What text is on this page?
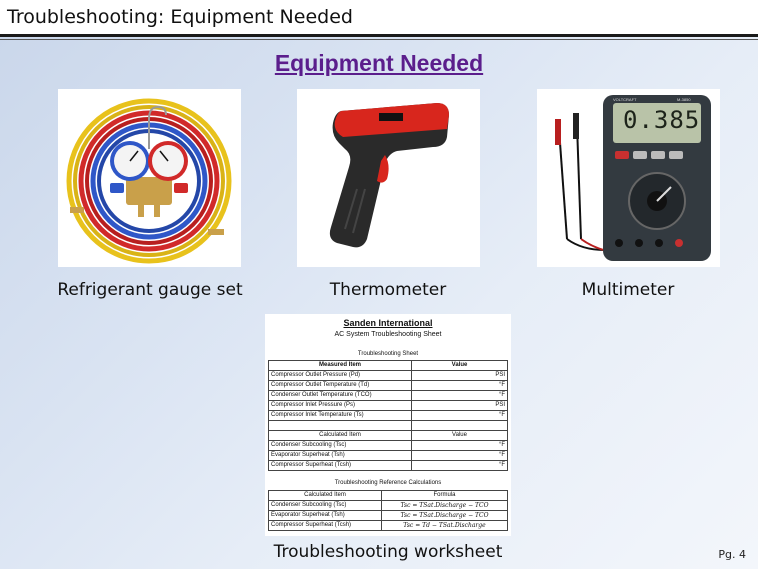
Troubleshooting: Equipment Needed
Equipment Needed
Refrigerant gauge set	Thermometer
VOLTCRAFT	M-3850
0.385
Multimeter
Sanden International
AC System Troubleshooting Sheet
Troubleshooting Sheet
Measured Item	Value
Compressor Outlet Pressure (Pd)	PSI
Compressor Outlet Temperature (Td)	°F
Condenser Outlet Temperature (TCO)	°F
Compressor Inlet Pressure (Ps)	PSI
Compressor Inlet Temperature (Ts)	°F

Calculated Item	Value
Condenser Subcooling (Tsc)	°F
Evaporator Superheat (Tsh)	°F
Compressor Superheat (Tcsh)	°F
Troubleshooting Reference Calculations
Calculated Item	Formula
Condenser Subcooling (Tsc)	Tsc = TSat.Discharge − TCO
Evaporator Superheat (Tsh)	Tsc = TSat.Discharge − TCO
Compressor Superheat (Tcsh)	Tsc = Td − TSat.Discharge
Troubleshooting worksheet	Pg. 4
